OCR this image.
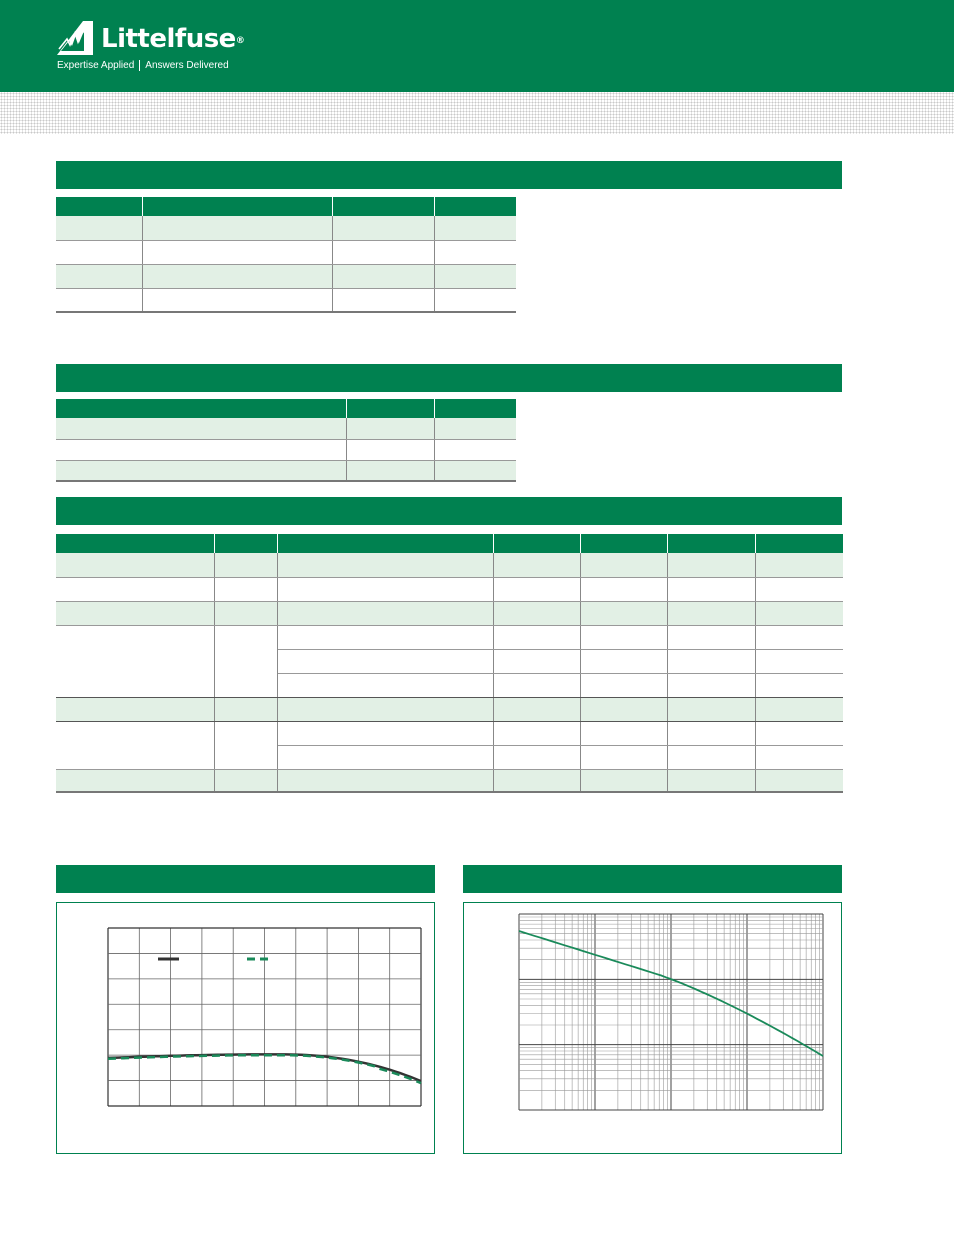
Littelfuse®
Expertise Applied Answers Delivered
